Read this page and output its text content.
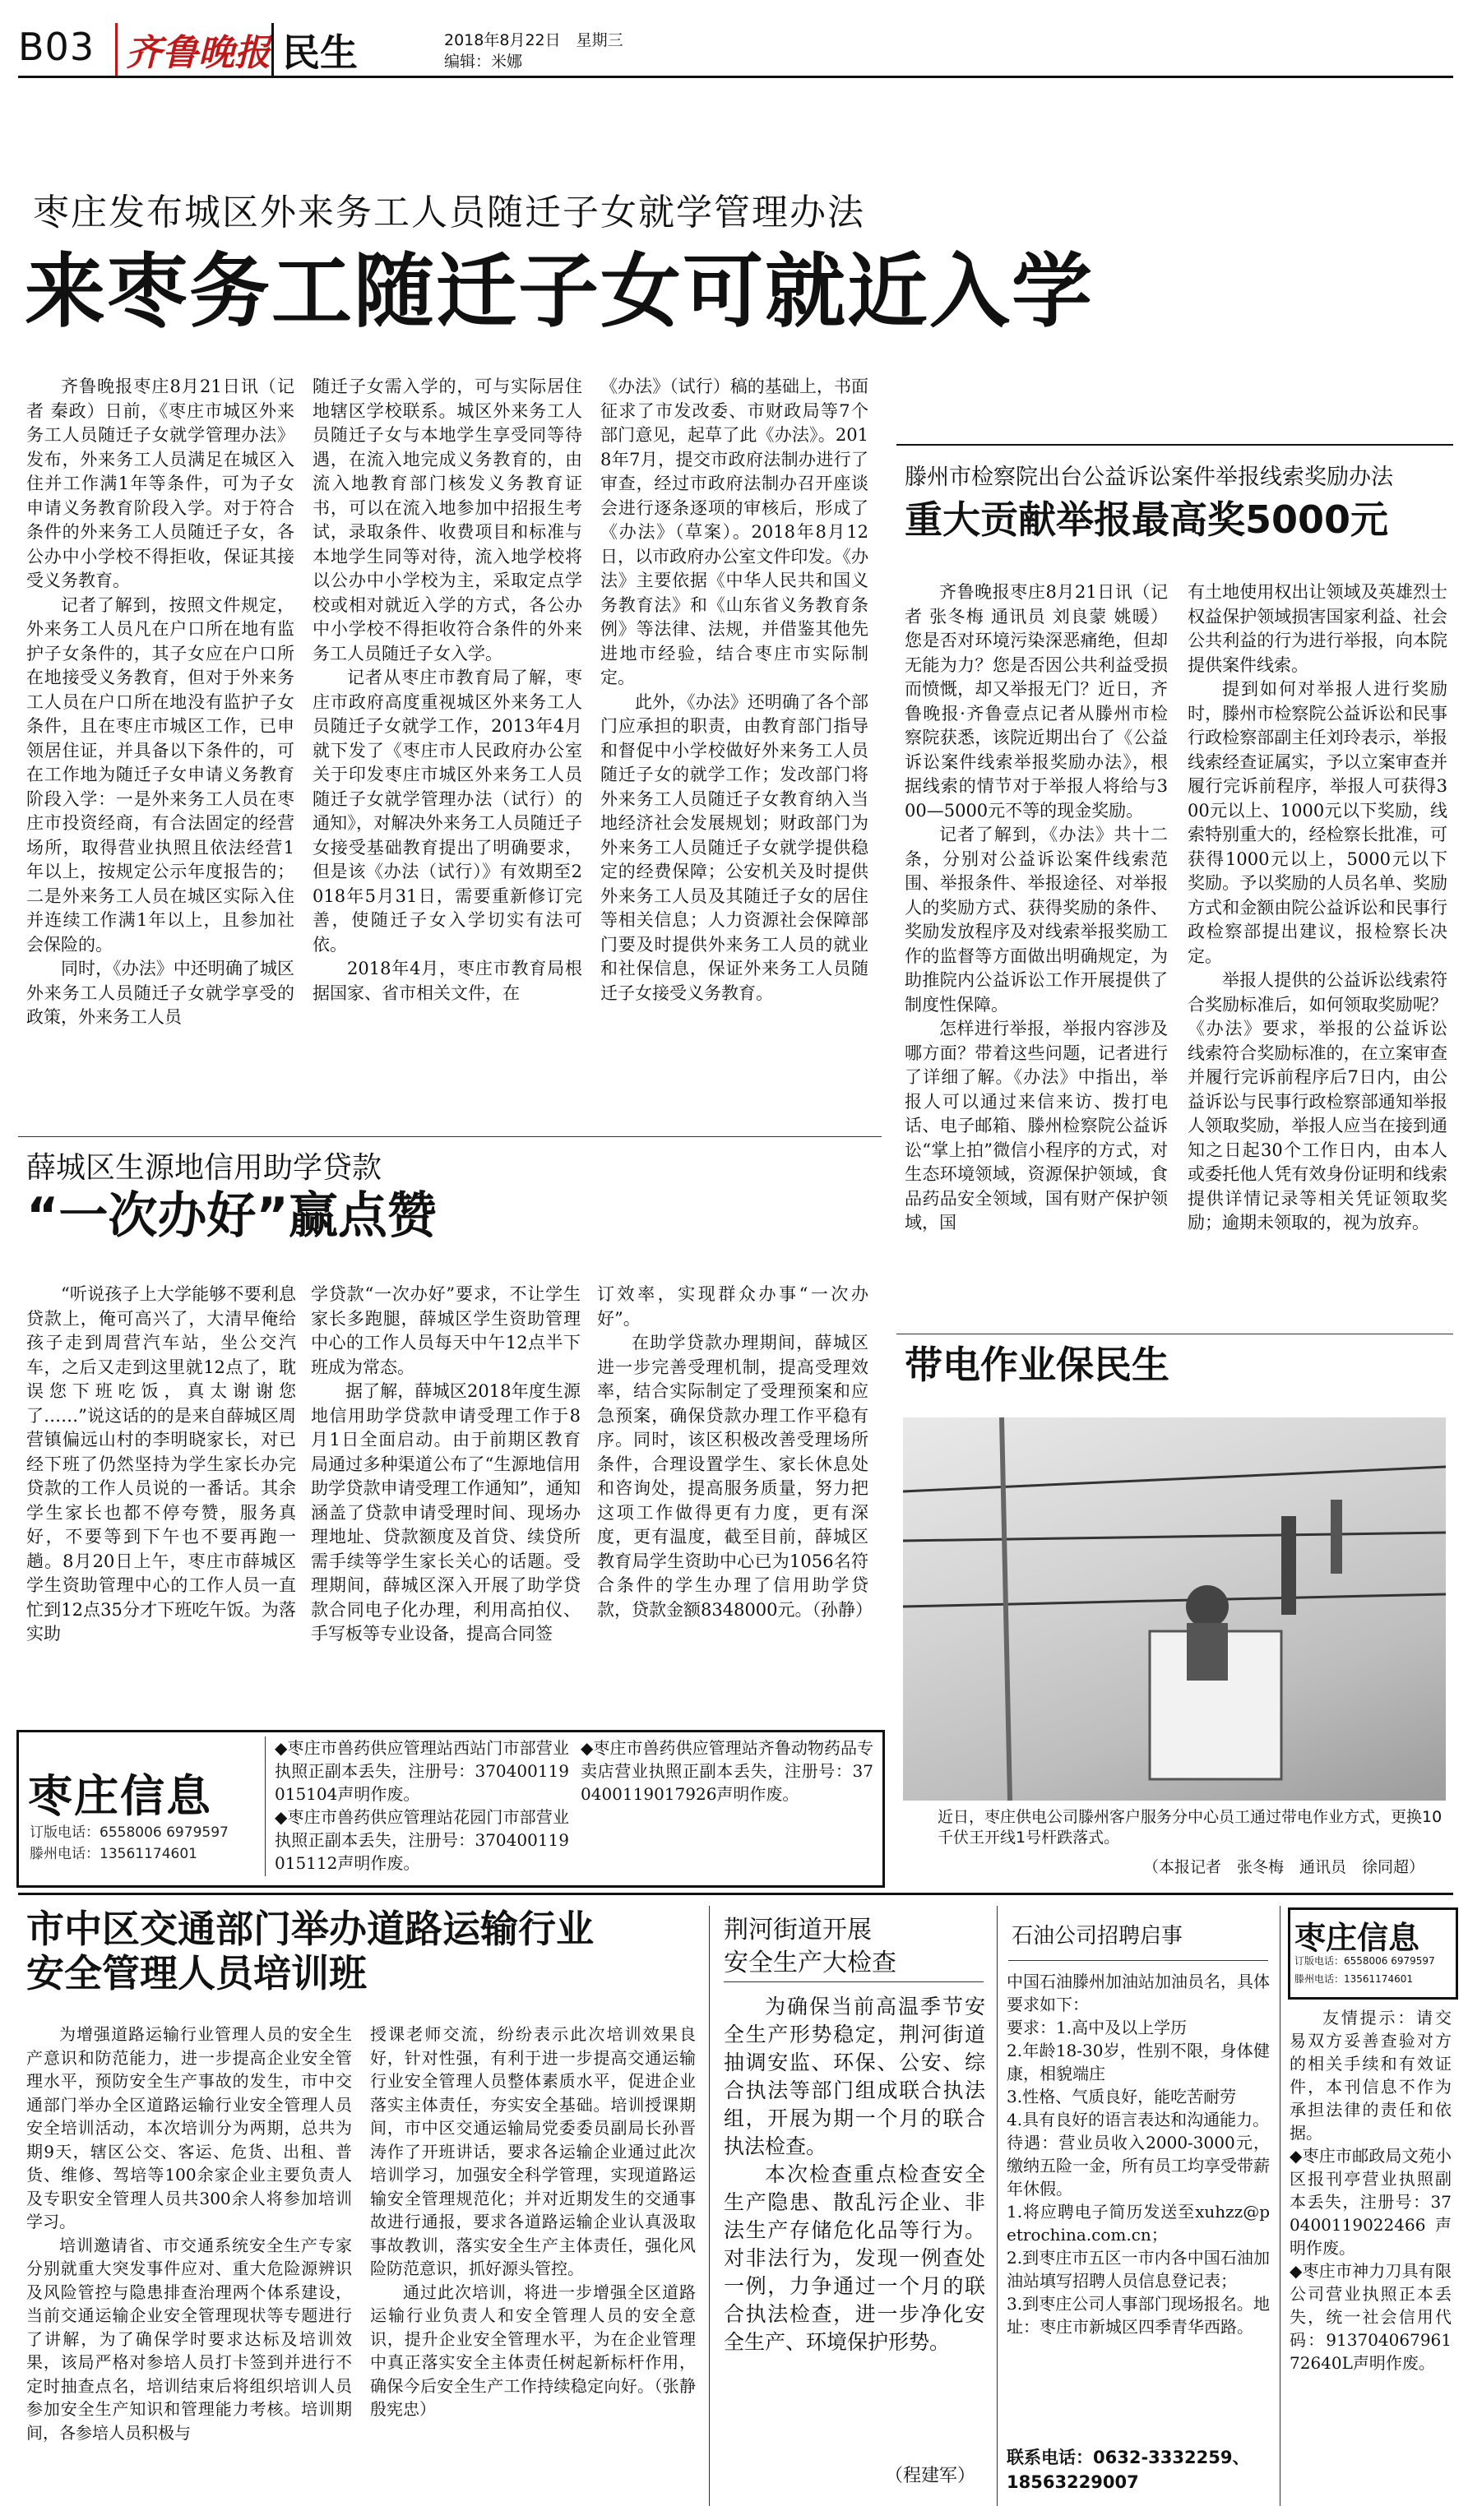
B03 齐鲁晚报 民生	2018年8月22日　星期三
编辑：米娜
枣庄发布城区外来务工人员随迁子女就学管理办法
来枣务工随迁子女可就近入学

齐鲁晚报枣庄8月21日讯（记者 秦政）日前，《枣庄市城区外来务工人员随迁子女就学管理办法》发布，外来务工人员满足在城区入住并工作满1年等条件，可为子女申请义务教育阶段入学。对于符合条件的外来务工人员随迁子女，各公办中小学校不得拒收，保证其接受义务教育。

记者了解到，按照文件规定，外来务工人员凡在户口所在地有监护子女条件的，其子女应在户口所在地接受义务教育，但对于外来务工人员在户口所在地没有监护子女条件，且在枣庄市城区工作，已申领居住证，并具备以下条件的，可在工作地为随迁子女申请义务教育阶段入学：一是外来务工人员在枣庄市投资经商，有合法固定的经营场所，取得营业执照且依法经营1年以上，按规定公示年度报告的；二是外来务工人员在城区实际入住并连续工作满1年以上，且参加社会保险的。

同时，《办法》中还明确了城区外来务工人员随迁子女就学享受的政策，外来务工人员

随迁子女需入学的，可与实际居住地辖区学校联系。城区外来务工人员随迁子女与本地学生享受同等待遇，在流入地完成义务教育的，由流入地教育部门核发义务教育证书，可以在流入地参加中招报生考试，录取条件、收费项目和标准与本地学生同等对待，流入地学校将以公办中小学校为主，采取定点学校或相对就近入学的方式，各公办中小学校不得拒收符合条件的外来务工人员随迁子女入学。

记者从枣庄市教育局了解，枣庄市政府高度重视城区外来务工人员随迁子女就学工作，2013年4月就下发了《枣庄市人民政府办公室关于印发枣庄市城区外来务工人员随迁子女就学管理办法（试行）的通知》，对解决外来务工人员随迁子女接受基础教育提出了明确要求，但是该《办法（试行）》有效期至2018年5月31日，需要重新修订完善，使随迁子女入学切实有法可依。

2018年4月，枣庄市教育局根据国家、省市相关文件，在

《办法》（试行）稿的基础上，书面征求了市发改委、市财政局等7个部门意见，起草了此《办法》。2018年7月，提交市政府法制办进行了审查，经过市政府法制办召开座谈会进行逐条逐项的审核后，形成了《办法》（草案）。2018年8月12日，以市政府办公室文件印发。《办法》主要依据《中华人民共和国义务教育法》和《山东省义务教育条例》等法律、法规，并借鉴其他先进地市经验，结合枣庄市实际制定。

此外，《办法》还明确了各个部门应承担的职责，由教育部门指导和督促中小学校做好外来务工人员随迁子女的就学工作；发改部门将外来务工人员随迁子女教育纳入当地经济社会发展规划；财政部门为外来务工人员随迁子女就学提供稳定的经费保障；公安机关及时提供外来务工人员及其随迁子女的居住等相关信息；人力资源社会保障部门要及时提供外来务工人员的就业和社保信息，保证外来务工人员随迁子女接受义务教育。

滕州市检察院出台公益诉讼案件举报线索奖励办法
重大贡献举报最高奖5000元

齐鲁晚报枣庄8月21日讯（记者 张冬梅 通讯员 刘良蒙 姚暖）您是否对环境污染深恶痛绝，但却无能为力？您是否因公共利益受损而愤慨，却又举报无门？近日，齐鲁晚报·齐鲁壹点记者从滕州市检察院获悉，该院近期出台了《公益诉讼案件线索举报奖励办法》，根据线索的情节对于举报人将给与300—5000元不等的现金奖励。

记者了解到，《办法》共十二条，分别对公益诉讼案件线索范围、举报条件、举报途径、对举报人的奖励方式、获得奖励的条件、奖励发放程序及对线索举报奖励工作的监督等方面做出明确规定，为助推院内公益诉讼工作开展提供了制度性保障。

怎样进行举报，举报内容涉及哪方面？带着这些问题，记者进行了详细了解。《办法》中指出，举报人可以通过来信来访、拨打电话、电子邮箱、滕州检察院公益诉讼“掌上拍”微信小程序的方式，对生态环境领域，资源保护领域，食品药品安全领域，国有财产保护领域，国

有土地使用权出让领域及英雄烈士权益保护领域损害国家利益、社会公共利益的行为进行举报，向本院提供案件线索。

提到如何对举报人进行奖励时，滕州市检察院公益诉讼和民事行政检察部副主任刘玲表示，举报　线索经查证属实，予以立案审查并履行完诉前程序，举报人可获得300元以上、1000元以下奖励，线索特别重大的，经检察长批准，可获得1000元以上，5000元以下奖励。予以奖励的人员名单、奖励方式和金额由院公益诉讼和民事行政检察部提出建议，报检察长决定。

举报人提供的公益诉讼线索符合奖励标准后，如何领取奖励呢？《办法》要求，举报的公益诉讼　线索符合奖励标准的，在立案审查并履行完诉前程序后7日内，由公益诉讼与民事行政检察部通知举报人领取奖励，举报人应当在接到通知之日起30个工作日内，由本人或委托他人凭有效身份证明和线索　提供详情记录等相关凭证领取奖励；逾期未领取的，视为放弃。

薛城区生源地信用助学贷款
“一次办好”赢点赞

“听说孩子上大学能够不要利息贷款上，俺可高兴了，大清早俺给孩子走到周营汽车站，坐公交汽车，之后又走到这里就12点了，耽误您下班吃饭，真太谢谢您了……”说这话的的是来自薛城区周营镇偏远山村的李明晓家长，对已经下班了仍然坚持为学生家长办完贷款的工作人员说的一番话。其余学生家长也都不停夸赞，服务真好，不要等到下午也不要再跑一趟。8月20日上午，枣庄市薛城区学生资助管理中心的工作人员一直忙到12点35分才下班吃午饭。为落实助

学贷款“一次办好”要求，不让学生家长多跑腿，薛城区学生资助管理中心的工作人员每天中午12点半下班成为常态。

据了解，薛城区2018年度生源地信用助学贷款申请受理工作于8月1日全面启动。由于前期区教育局通过多种渠道公布了“生源地信用助学贷款申请受理工作通知”，通知涵盖了贷款申请受理时间、现场办理地址、贷款额度及首贷、续贷所需手续等学生家长关心的话题。受理期间，薛城区深入开展了助学贷款合同电子化办理，利用高拍仪、手写板等专业设备，提高合同签

订效率，实现群众办事“一次办好”。

在助学贷款办理期间，薛城区进一步完善受理机制，提高受理效率，结合实际制定了受理预案和应急预案，确保贷款办理工作平稳有序。同时，该区积极改善受理场所条件，合理设置学生、家长休息处和咨询处，提高服务质量，努力把这项工作做得更有力度，更有深度，更有温度，截至目前，薛城区教育局学生资助中心已为1056名符合条件的学生办理了信用助学贷款，贷款金额8348000元。（孙静）

带电作业保民生
近日，枣庄供电公司滕州客户服务分中心员工通过带电作业方式，更换10千伏王开线1号杆跌落式。
（本报记者　张冬梅　通讯员　徐同超）
枣庄信息
订版电话：6558006 6979597
滕州电话：13561174601

◆枣庄市兽药供应管理站西站门市部营业执照正副本丢失，注册号：370400119015104声明作废。

◆枣庄市兽药供应管理站花园门市部营业执照正副本丢失，注册号：370400119015112声明作废。

◆枣庄市兽药供应管理站齐鲁动物药品专卖店营业执照正副本丢失，注册号：370400119017926声明作废。

市中区交通部门举办道路运输行业
安全管理人员培训班

为增强道路运输行业管理人员的安全生产意识和防范能力，进一步提高企业安全管理水平，预防安全生产事故的发生，市中交通部门举办全区道路运输行业安全管理人员安全培训活动，本次培训分为两期，总共为期9天，辖区公交、客运、危货、出租、普货、维修、驾培等100余家企业主要负责人及专职安全管理人员共300余人将参加培训学习。

培训邀请省、市交通系统安全生产专家分别就重大突发事件应对、重大危险源辨识及风险管控与隐患排查治理两个体系建设，当前交通运输企业安全管理现状等专题进行了讲解，为了确保学时要求达标及培训效果，该局严格对参培人员打卡签到并进行不定时抽查点名，培训结束后将组织培训人员参加安全生产知识和管理能力考核。培训期间，各参培人员积极与

授课老师交流，纷纷表示此次培训效果良好，针对性强，有利于进一步提高交通运输行业安全管理人员整体素质水平，促进企业落实主体责任，夯实安全基础。培训授课期间，市中区交通运输局党委委员副局长孙晋涛作了开班讲话，要求各运输企业通过此次培训学习，加强安全科学管理，实现道路运输安全管理规范化；并对近期发生的交通事故进行通报，要求各道路运输企业认真汲取事故教训，落实安全生产主体责任，强化风险防范意识，抓好源头管控。

通过此次培训，将进一步增强全区道路运输行业负责人和安全管理人员的安全意识，提升企业安全管理水平，为在企业管理中真正落实安全主体责任树起新标杆作用，确保今后安全生产工作持续稳定向好。（张静　殷宪忠）

荆河街道开展
安全生产大检查

为确保当前高温季节安全生产形势稳定，荆河街道抽调安监、环保、公安、综合执法等部门组成联合执法组，开展为期一个月的联合执法检查。

本次检查重点检查安全生产隐患、散乱污企业、非法生产存储危化品等行为。对非法行为，发现一例查处一例，力争通过一个月的联合执法检查，进一步净化安全生产、环境保护形势。

（程建军）
石油公司招聘启事

中国石油滕州加油站加油员名，具体要求如下：

要求：1.高中及以上学历

2.年龄18-30岁，性别不限，身体健康，相貌端庄

3.性格、气质良好，能吃苦耐劳

4.具有良好的语言表达和沟通能力。

待遇：营业员收入2000-3000元，缴纳五险一金，所有员工均享受带薪年休假。

1.将应聘电子简历发送至xuhzz@petrochina.com.cn；

2.到枣庄市五区一市内各中国石油加油站填写招聘人员信息登记表；

3.到枣庄公司人事部门现场报名。地址：枣庄市新城区四季青华西路。

联系电话：0632-3332259、18563229007
枣庄信息
订版电话：6558006 6979597
滕州电话：13561174601

友情提示：请交易双方妥善查验对方的相关手续和有效证件，本刊信息不作为承担法律的责任和依据。

◆枣庄市邮政局文苑小区报刊亭营业执照副本丢失，注册号：370400119022466声明作废。

◆枣庄市神力刀具有限公司营业执照正本丢失，统一社会信用代码：91370406796172640L声明作废。
